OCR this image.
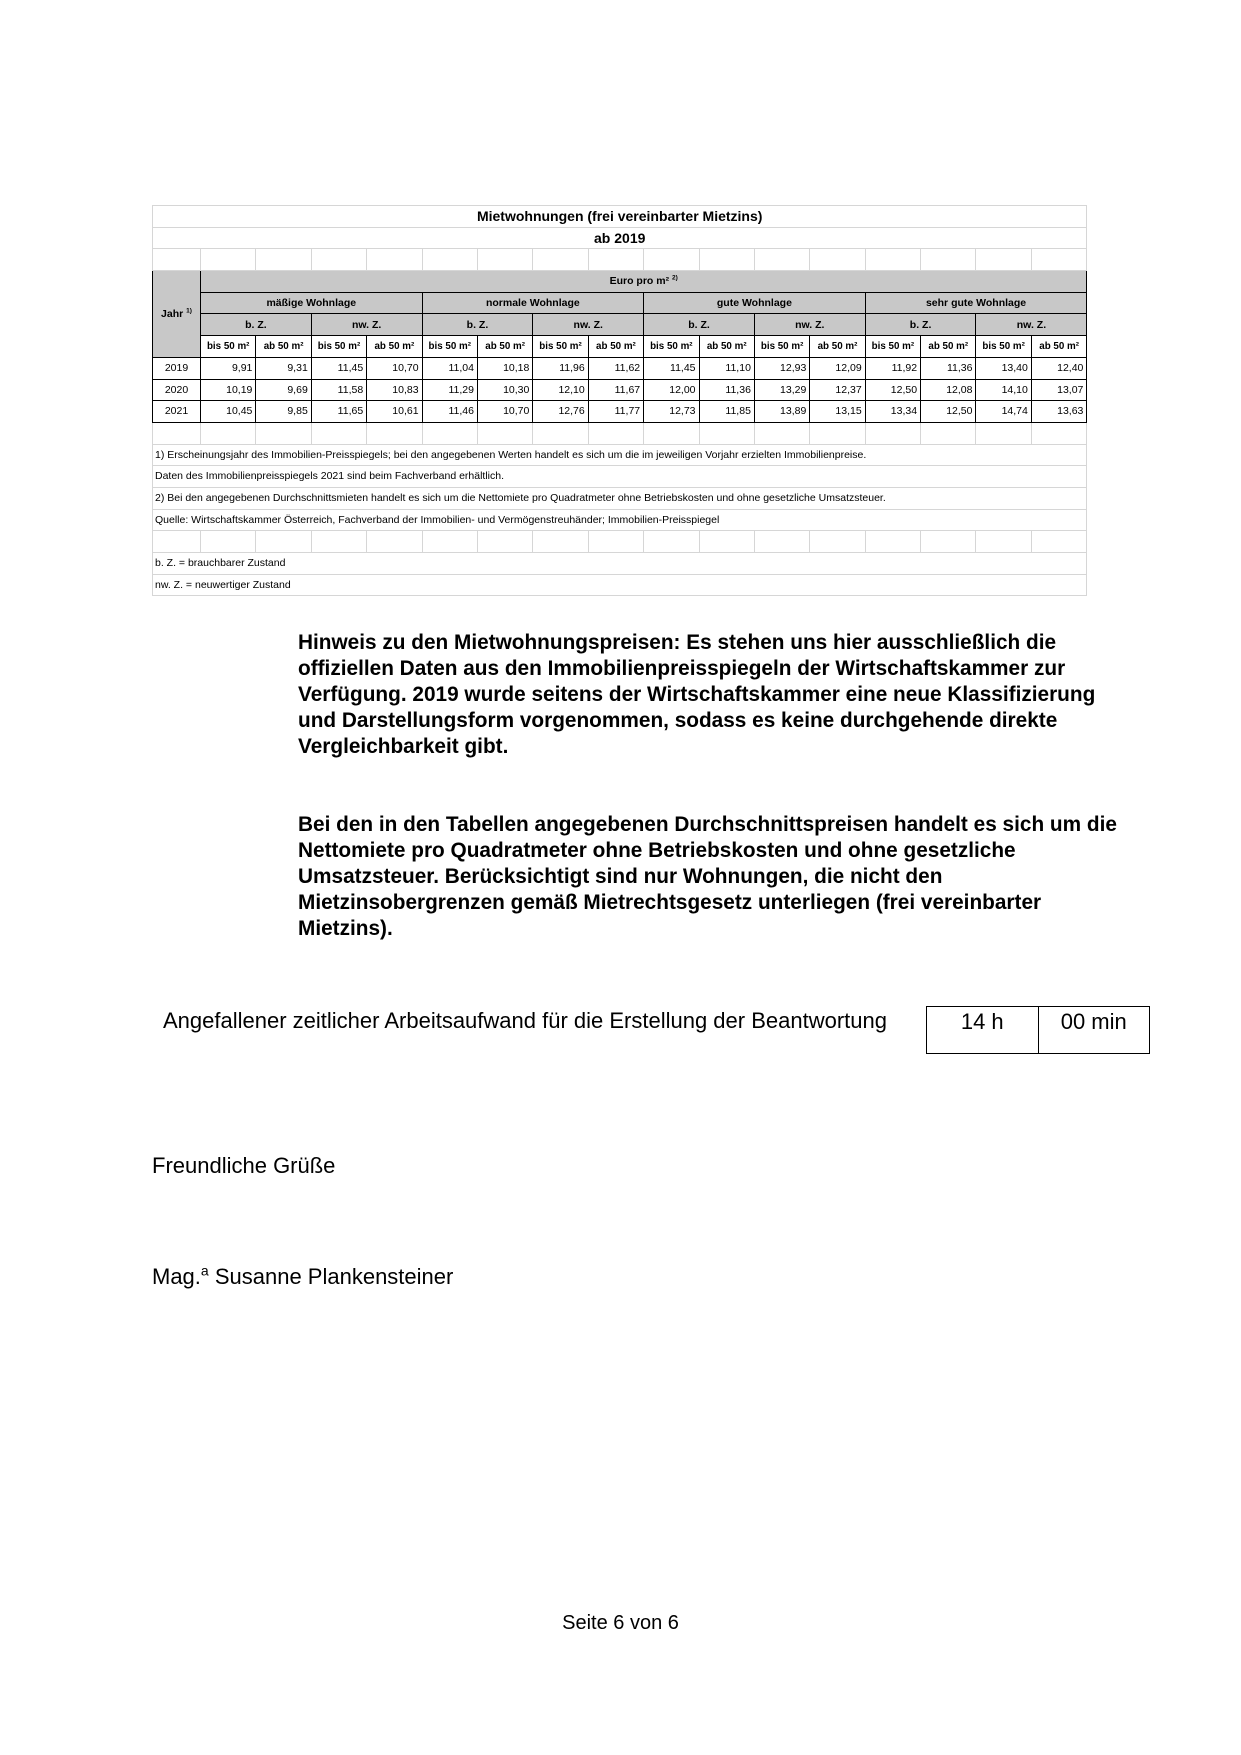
Mietwohnungen (frei vereinbarter Mietzins)																
ab 2019																

Jahr $^{1)}$	Euro pro m² $^{2)}$
	mäßige Wohnlage				normale Wohnlage				gute Wohnlage				sehr gute Wohnlage			
	b. Z.		nw. Z.		b. Z.		nw. Z.		b. Z.		nw. Z.		b. Z.		nw. Z.	
	bis 50 m²	ab 50 m²	bis 50 m²	ab 50 m²	bis 50 m²	ab 50 m²	bis 50 m²	ab 50 m²	bis 50 m²	ab 50 m²	bis 50 m²	ab 50 m²	bis 50 m²	ab 50 m²	bis 50 m²	ab 50 m²
2019	9,91	9,31	11,45	10,70	11,04	10,18	11,96	11,62	11,45	11,10	12,93	12,09	11,92	11,36	13,40	12,40
2020	10,19	9,69	11,58	10,83	11,29	10,30	12,10	11,67	12,00	11,36	13,29	12,37	12,50	12,08	14,10	13,07
2021	10,45	9,85	11,65	10,61	11,46	10,70	12,76	11,77	12,73	11,85	13,89	13,15	13,34	12,50	14,74	13,63

1) Erscheinungsjahr des Immobilien-Preisspiegels; bei den angegebenen Werten handelt es sich um die im jeweiligen Vorjahr erzielten Immobilienpreise.																
Daten des Immobilienpreisspiegels 2021 sind beim Fachverband erhältlich.																
2) Bei den angegebenen Durchschnittsmieten handelt es sich um die Nettomiete pro Quadratmeter ohne Betriebskosten und ohne gesetzliche Umsatzsteuer.																
Quelle: Wirtschaftskammer Österreich, Fachverband der Immobilien- und Vermögenstreuhänder; Immobilien-Preisspiegel																

b. Z. = brauchbarer Zustand																
nw. Z. = neuwertiger Zustand																

Hinweis zu den Mietwohnungspreisen: Es stehen uns hier ausschließlich die offiziellen Daten aus den Immobilienpreisspiegeln der Wirtschaftskammer zur Verfügung. 2019 wurde seitens der Wirtschaftskammer eine neue Klassifizierung und Darstellungsform vorgenommen, sodass es keine durchgehende direkte Vergleichbarkeit gibt.

Bei den in den Tabellen angegebenen Durchschnittspreisen handelt es sich um die Nettomiete pro Quadratmeter ohne Betriebskosten und ohne gesetzliche Umsatzsteuer. Berücksichtigt sind nur Wohnungen, die nicht den Mietzinsobergrenzen gemäß Mietrechtsgesetz unterliegen (frei vereinbarter Mietzins).

Angefallener zeitlicher Arbeitsaufwand für die Erstellung der Beantwortung	14 h	00 min
Freundliche Grüße
Mag.$^a$ Susanne Plankensteiner
Seite 6 von 6
